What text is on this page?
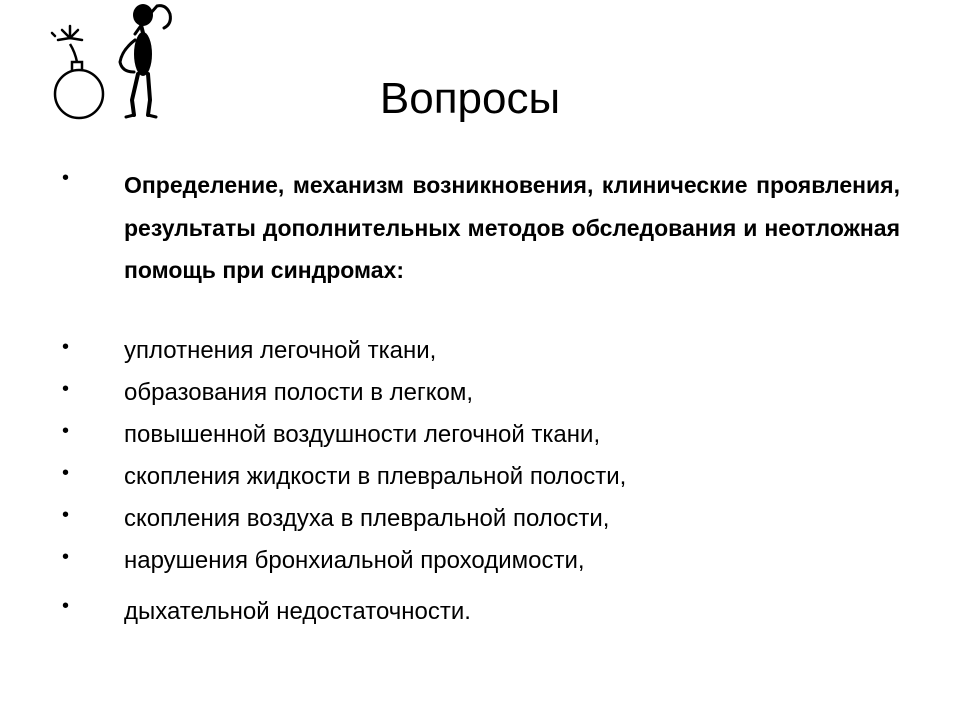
Вопросы
• Определение, механизм возникновения, клинические проявления, результаты дополнительных методов обследования и неотложная помощь при синдромах:

• уплотнения легочной ткани,

• образования полости в легком,

• повышенной воздушности легочной ткани,

• скопления жидкости в плевральной полости,

• скопления воздуха в плевральной полости,

• нарушения бронхиальной проходимости,

• дыхательной недостаточности.
